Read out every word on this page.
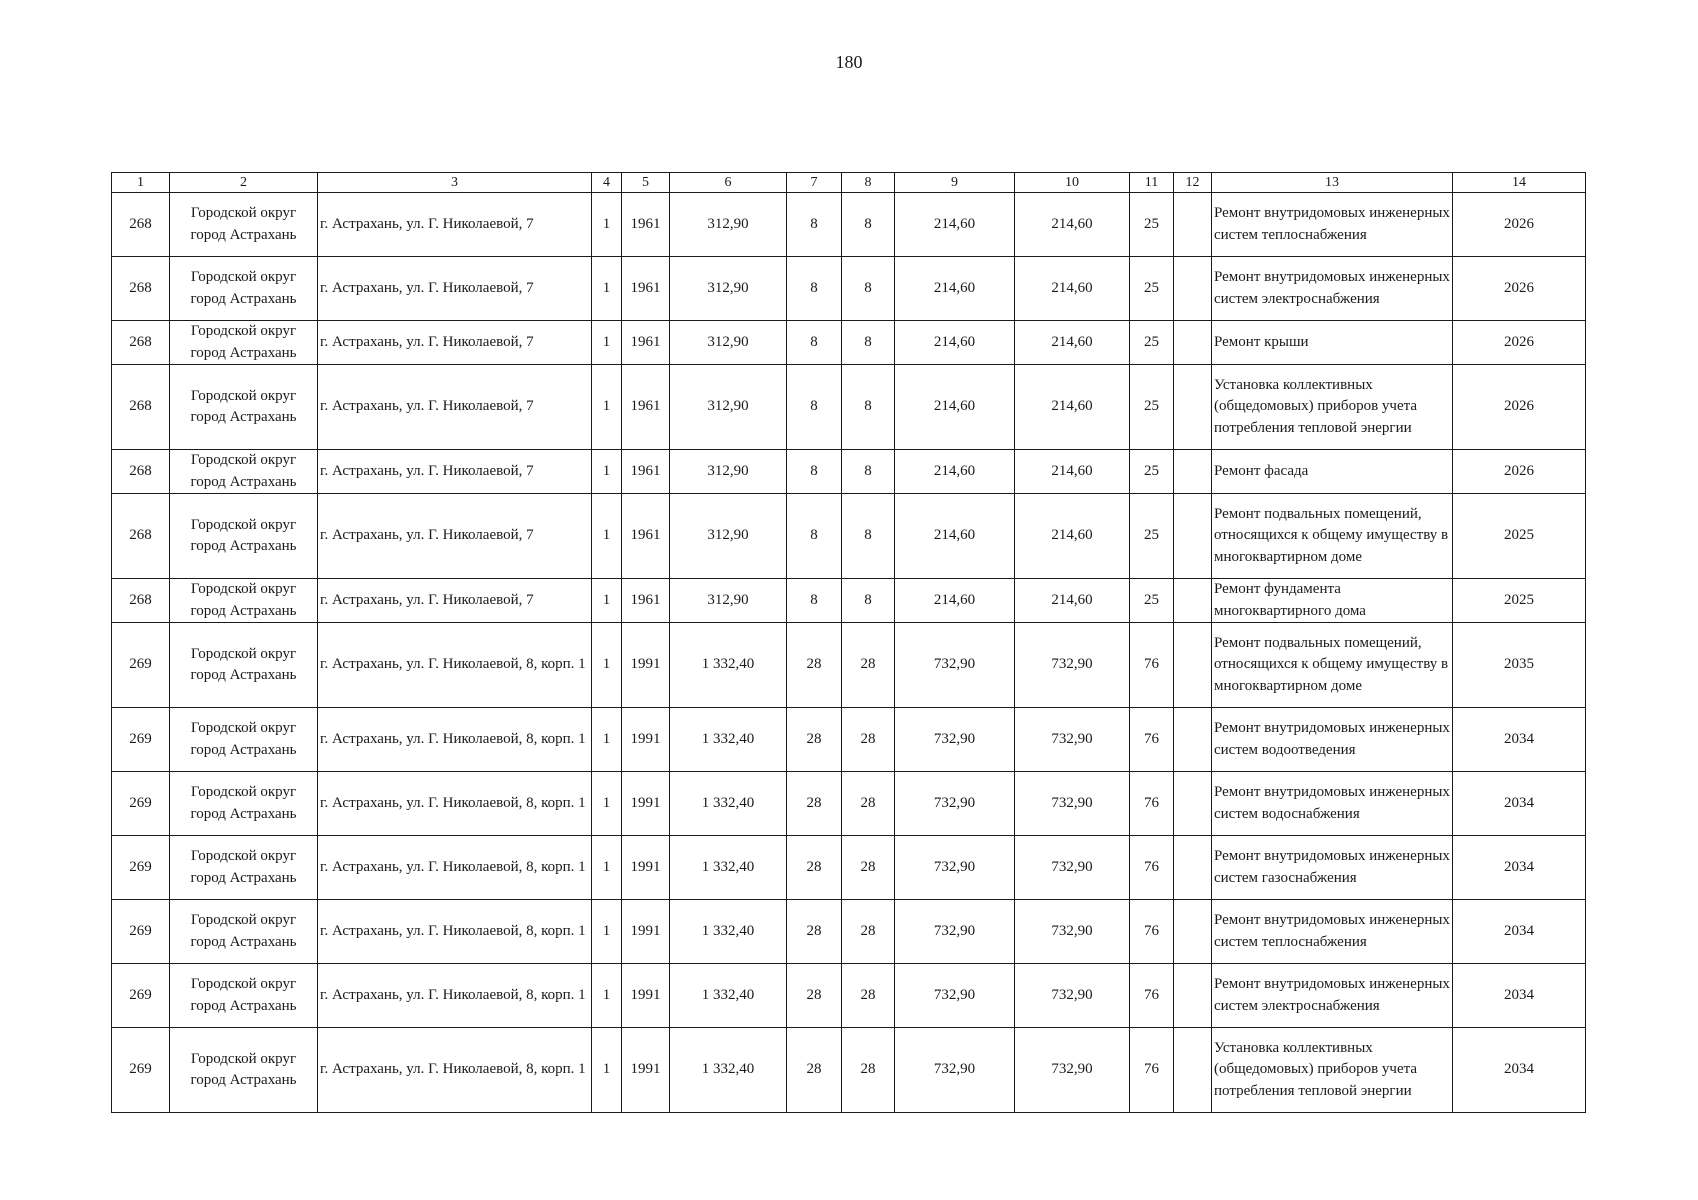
180
1	2	3	4	5	6	7	8	9	10	11	12	13	14
268	Городской округ город Астрахань	г. Астрахань, ул. Г. Николаевой, 7	1	1961	312,90	8	8	214,60	214,60	25		Ремонт внутридомовых инженерных систем теплоснабжения	2026
268	Городской округ город Астрахань	г. Астрахань, ул. Г. Николаевой, 7	1	1961	312,90	8	8	214,60	214,60	25		Ремонт внутридомовых инженерных систем электроснабжения	2026
268	Городской округ город Астрахань	г. Астрахань, ул. Г. Николаевой, 7	1	1961	312,90	8	8	214,60	214,60	25		Ремонт крыши	2026
268	Городской округ город Астрахань	г. Астрахань, ул. Г. Николаевой, 7	1	1961	312,90	8	8	214,60	214,60	25		Установка коллективных (общедомовых) приборов учета потребления тепловой энергии	2026
268	Городской округ город Астрахань	г. Астрахань, ул. Г. Николаевой, 7	1	1961	312,90	8	8	214,60	214,60	25		Ремонт фасада	2026
268	Городской округ город Астрахань	г. Астрахань, ул. Г. Николаевой, 7	1	1961	312,90	8	8	214,60	214,60	25		Ремонт подвальных помещений, относящихся к общему имуществу в многоквартирном доме	2025
268	Городской округ город Астрахань	г. Астрахань, ул. Г. Николаевой, 7	1	1961	312,90	8	8	214,60	214,60	25		Ремонт фундамента многоквартирного дома	2025
269	Городской округ город Астрахань	г. Астрахань, ул. Г. Николаевой, 8, корп. 1	1	1991	1 332,40	28	28	732,90	732,90	76		Ремонт подвальных помещений, относящихся к общему имуществу в многоквартирном доме	2035
269	Городской округ город Астрахань	г. Астрахань, ул. Г. Николаевой, 8, корп. 1	1	1991	1 332,40	28	28	732,90	732,90	76		Ремонт внутридомовых инженерных систем водоотведения	2034
269	Городской округ город Астрахань	г. Астрахань, ул. Г. Николаевой, 8, корп. 1	1	1991	1 332,40	28	28	732,90	732,90	76		Ремонт внутридомовых инженерных систем водоснабжения	2034
269	Городской округ город Астрахань	г. Астрахань, ул. Г. Николаевой, 8, корп. 1	1	1991	1 332,40	28	28	732,90	732,90	76		Ремонт внутридомовых инженерных систем газоснабжения	2034
269	Городской округ город Астрахань	г. Астрахань, ул. Г. Николаевой, 8, корп. 1	1	1991	1 332,40	28	28	732,90	732,90	76		Ремонт внутридомовых инженерных систем теплоснабжения	2034
269	Городской округ город Астрахань	г. Астрахань, ул. Г. Николаевой, 8, корп. 1	1	1991	1 332,40	28	28	732,90	732,90	76		Ремонт внутридомовых инженерных систем электроснабжения	2034
269	Городской округ город Астрахань	г. Астрахань, ул. Г. Николаевой, 8, корп. 1	1	1991	1 332,40	28	28	732,90	732,90	76		Установка коллективных (общедомовых) приборов учета потребления тепловой энергии	2034
